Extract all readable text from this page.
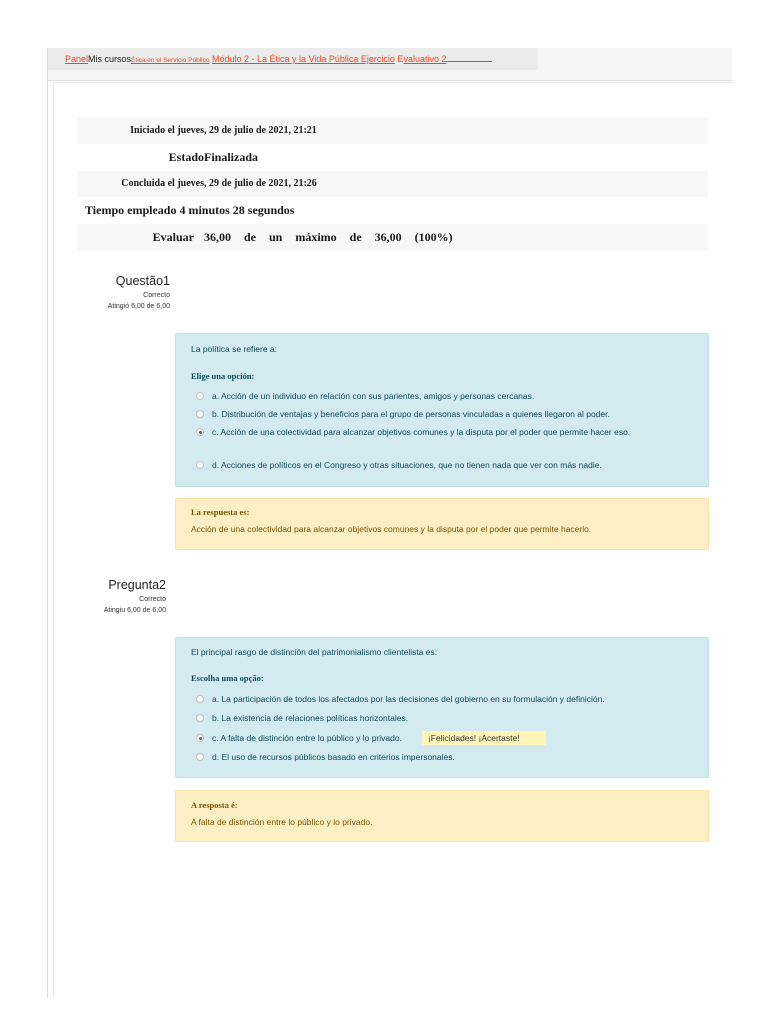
PanelMis cursosÉtica en el Servicio Público Módulo 2 - La Ética y la Vida Pública Ejercicio Evaluativo 2
Iniciado el jueves , 29 de julio de 2021, 21:21
Estado Finalizada
Concluida el jueves , 29 de julio de 2021, 21:26
Tiempo empleado 4 minutos 28 segundos
Evaluar 36,00 de un máximo de 36,00 (100%)
Questão1
Correcto
Atingió 6,00 de 6,00
La política se refiere a:
Elige una opción:
a. Acción de un individuo en relación con sus parientes, amigos y personas cercanas.
b. Distribución de ventajas y beneficios para el grupo de personas vinculadas a quienes llegaron al poder.
c. Acción de una colectividad para alcanzar objetivos comunes y la disputa por el poder que permite hacer eso.
d. Acciones de políticos en el Congreso y otras situaciones, que no tienen nada que ver con más nadie.
La respuesta es:
Acción de una colectividad para alcanzar objetivos comunes y la disputa por el poder que permite hacerlo.
Pregunta2
Correcto
Atingiu 6,00 de 6,00
El principal rasgo de distinción del patrimonialismo clientelista es:
Escolha uma opção:
a. La participación de todos los afectados por las decisiones del gobierno en su formulación y definición.
b. La existencia de relaciones políticas horizontales.
c. A falta de distinción entre lo público y lo privado.	¡Felicidades! ¡Acertaste!
d. El uso de recursos públicos basado en criterios impersonales.
A resposta é:
A falta de distinción entre lo público y lo privado.
